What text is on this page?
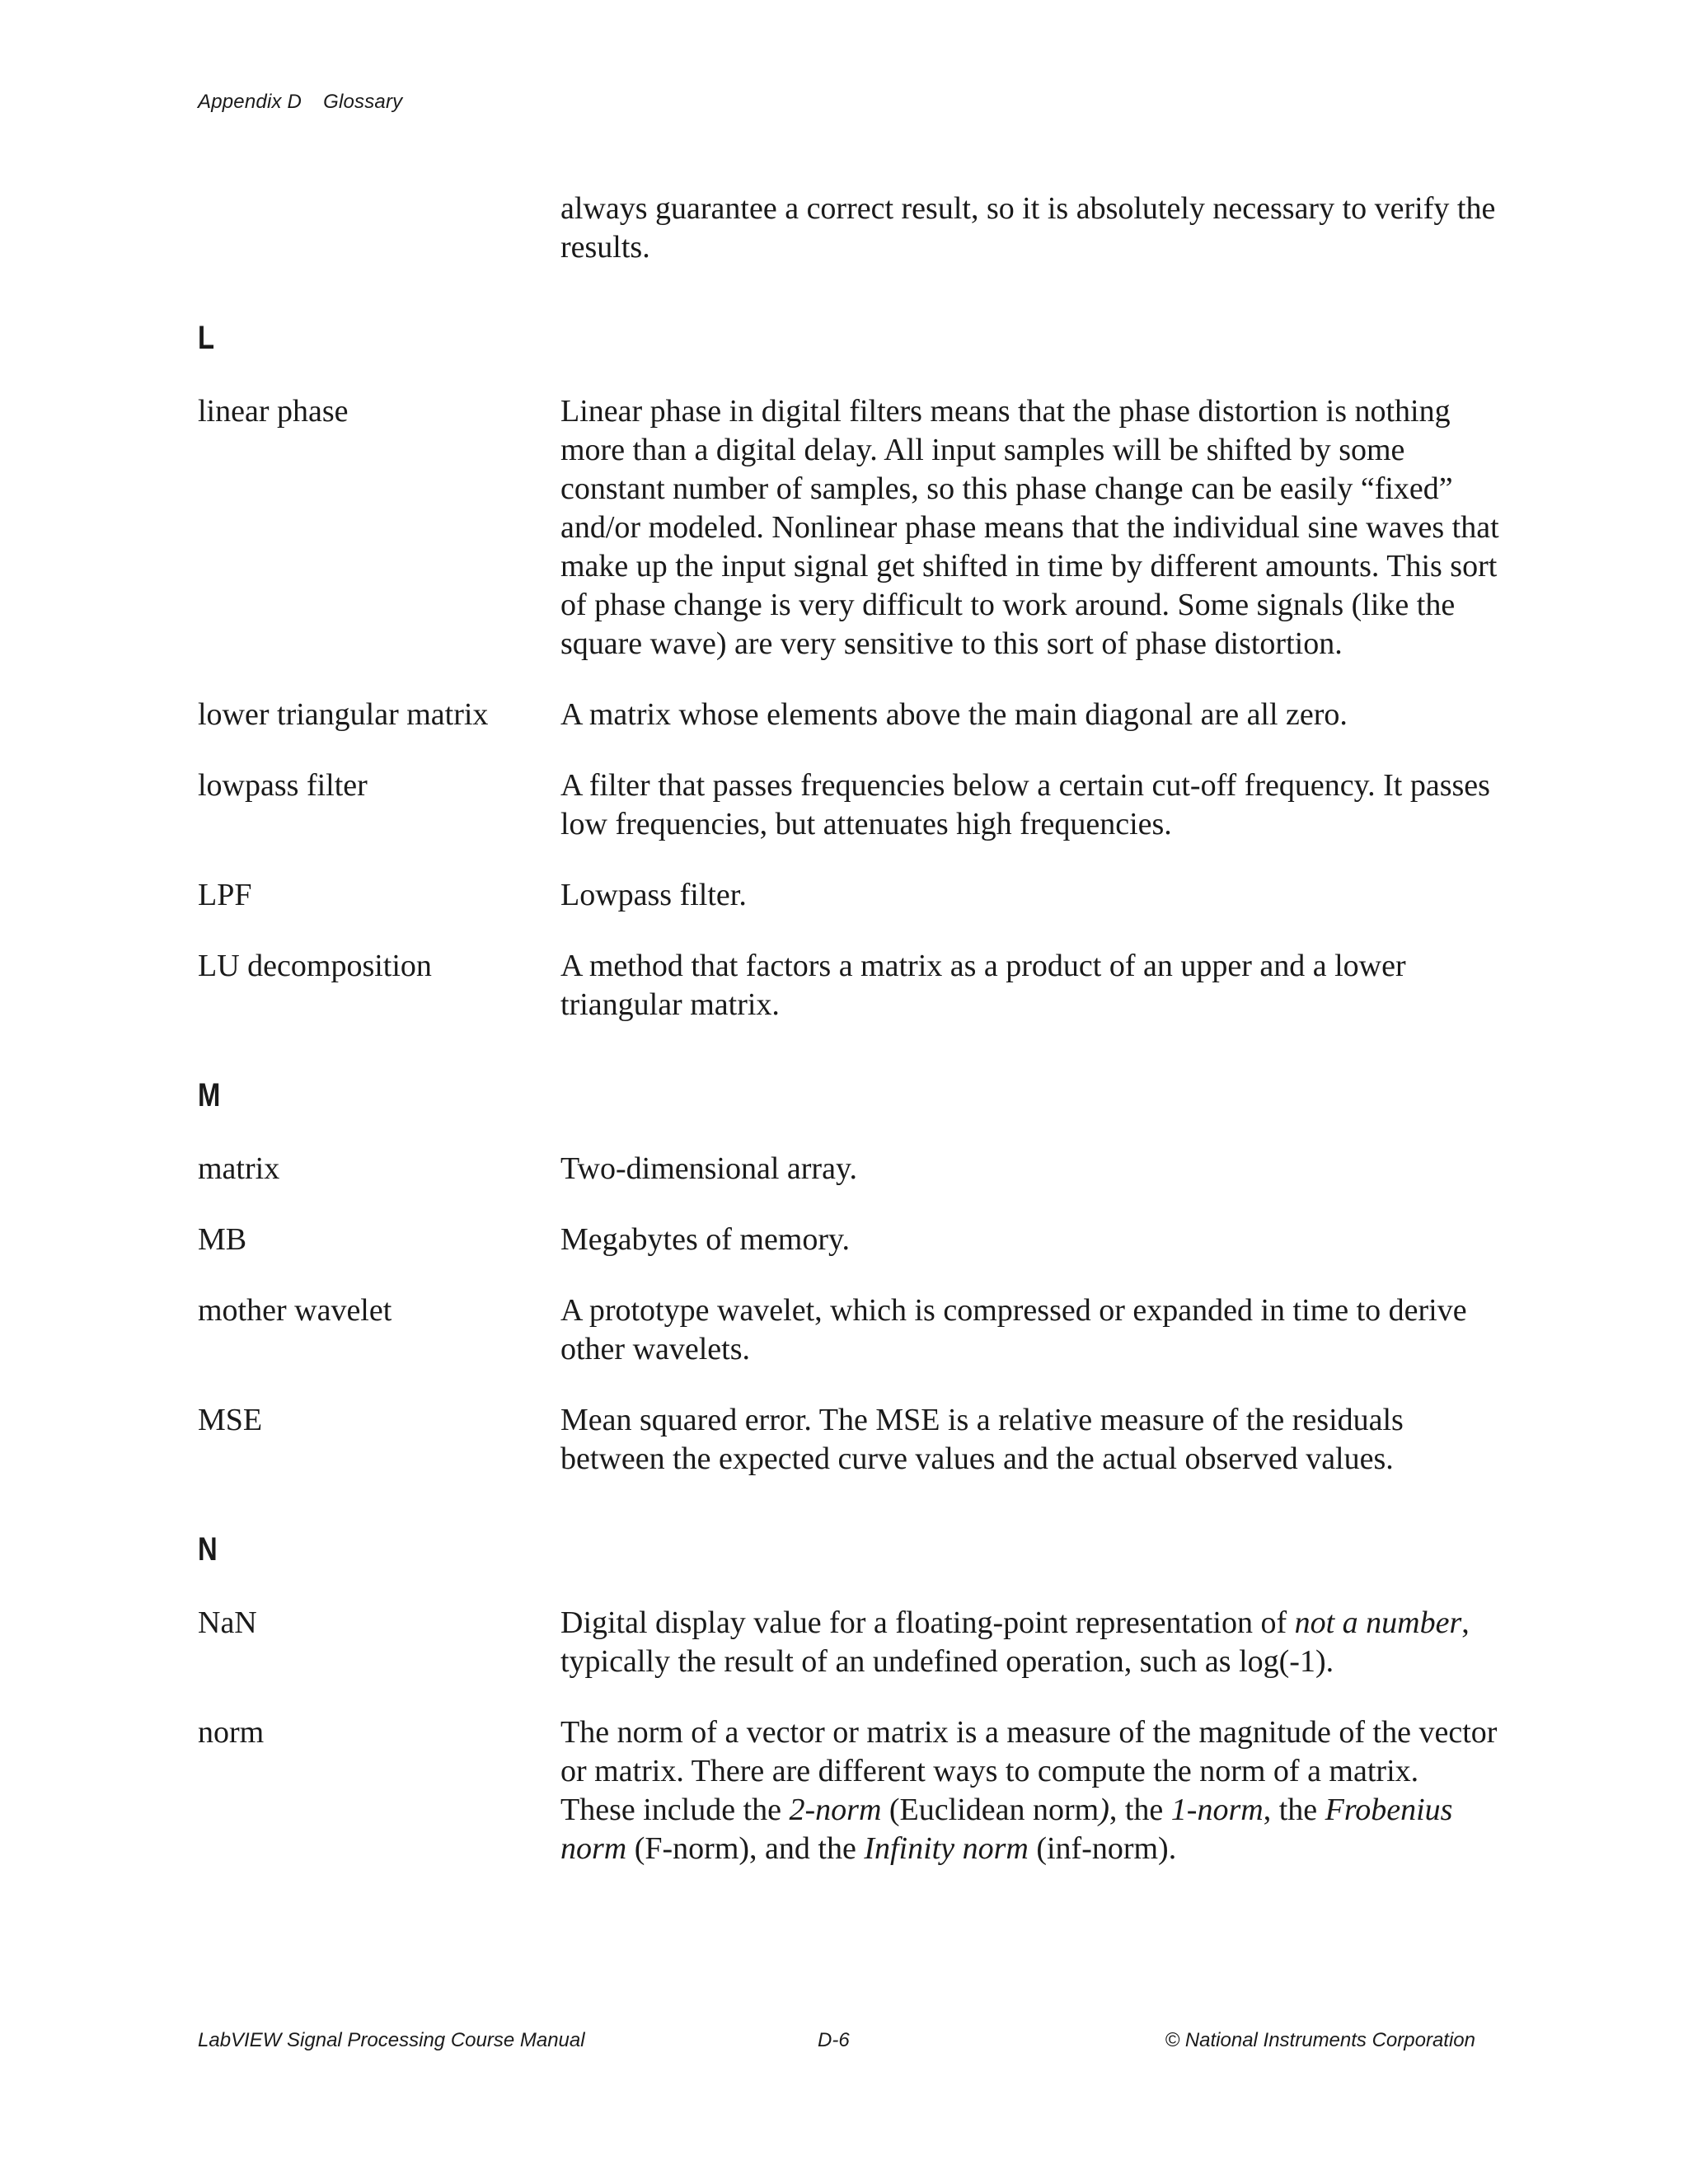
Appendix D Glossary
always guarantee a correct result, so it is absolutely necessary to verify the results.
L
linear phase	Linear phase in digital filters means that the phase distortion is nothing more than a digital delay. All input samples will be shifted by some constant number of samples, so this phase change can be easily “fixed” and/or modeled. Nonlinear phase means that the individual sine waves that make up the input signal get shifted in time by different amounts. This sort of phase change is very difficult to work around. Some signals (like the square wave) are very sensitive to this sort of phase distortion.
lower triangular matrix	A matrix whose elements above the main diagonal are all zero.
lowpass filter	A filter that passes frequencies below a certain cut-off frequency. It passes low frequencies, but attenuates high frequencies.
LPF	Lowpass filter.
LU decomposition	A method that factors a matrix as a product of an upper and a lower triangular matrix.
M
matrix	Two-dimensional array.
MB	Megabytes of memory.
mother wavelet	A prototype wavelet, which is compressed or expanded in time to derive other wavelets.
MSE	Mean squared error. The MSE is a relative measure of the residuals between the expected curve values and the actual observed values.
N
NaN	Digital display value for a floating-point representation of not a number, typically the result of an undefined operation, such as log(-1).
norm	The norm of a vector or matrix is a measure of the magnitude of the vector or matrix. There are different ways to compute the norm of a matrix. These include the 2-norm (Euclidean norm), the 1-norm, the Frobenius norm (F-norm), and the Infinity norm (inf-norm).
LabVIEW Signal Processing Course Manual	D-6	© National Instruments Corporation
